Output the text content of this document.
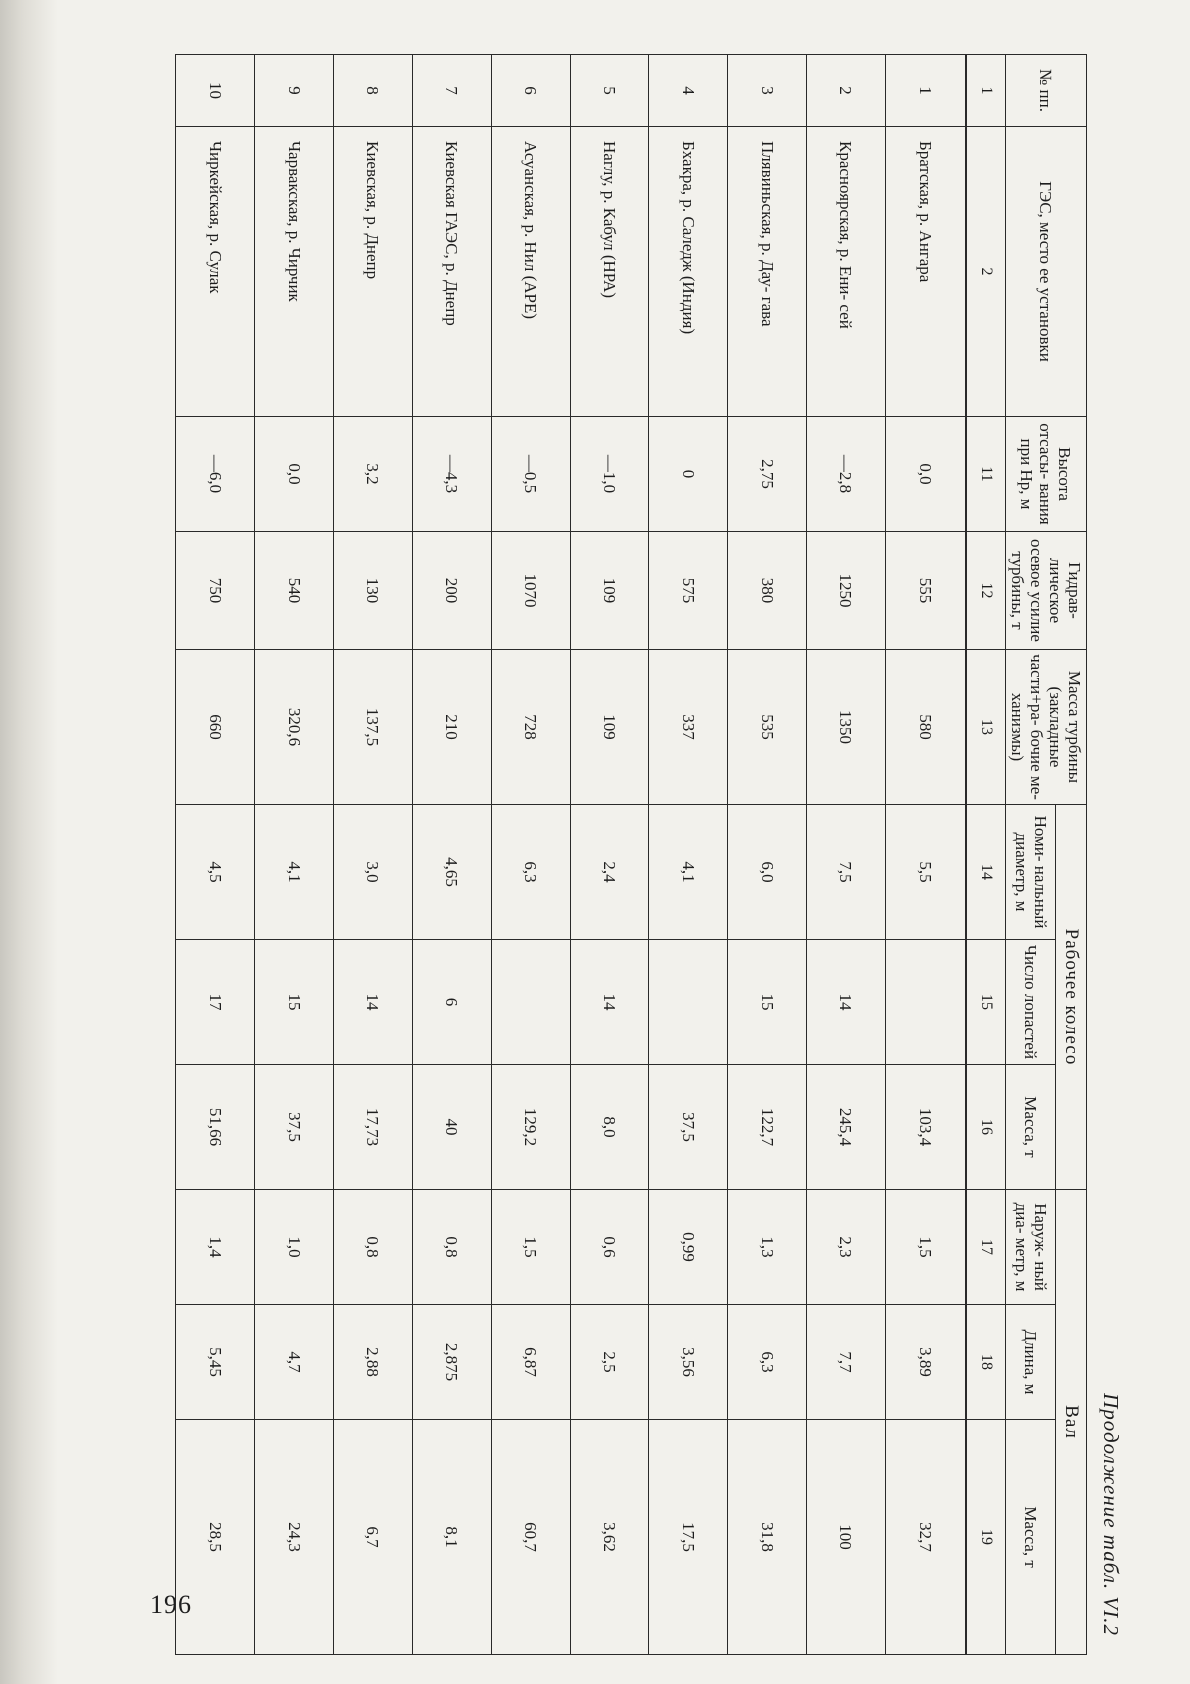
196	Продолжение табл. VI.2
№ пп.	ГЭС, место ее установки	Высота отсасы- вания при Hр, м	Гидрав- лическое осевое усилие турбины, т	Масса турбины (закладные части+ра- бочие ме- ханизмы)	Рабочее колесо			Вал		
					Номи- нальный диаметр, м	Число лопастей	Масса, т	Наруж- ный диа- метр, м	Длина, м	Масса, т
1	2	11	12	13	14	15	16	17	18	19
1	Братская, р. Ангара	0,0	555	580	5,5		103,4	1,5	3,89	32,7
2	Красноярская, р. Ени- сей	—2,8	1250	1350	7,5	14	245,4	2,3	7,7	100
3	Плявиньская, р. Дау- гава	2,75	380	535	6,0	15	122,7	1,3	6,3	31,8
4	Бхакра, р. Саледж (Индия)	0	575	337	4,1		37,5	0,99	3,56	17,5
5	Наглу, р. Кабул (НРА)	—1,0	109	109	2,4	14	8,0	0,6	2,5	3,62
6	Асуанская, р. Нил (АРЕ)	—0,5	1070	728	6,3		129,2	1,5	6,87	60,7
7	Киевская ГАЭС, р. Днепр	—4,3	200	210	4,65	6	40	0,8	2,875	8,1
8	Киевская, р. Днепр	3,2	130	137,5	3,0	14	17,73	0,8	2,88	6,7
9	Чарвакская, р. Чирчик	0,0	540	320,6	4,1	15	37,5	1,0	4,7	24,3
10	Чиркейская, р. Сулак	—6,0	750	660	4,5	17	51,66	1,4	5,45	28,5
